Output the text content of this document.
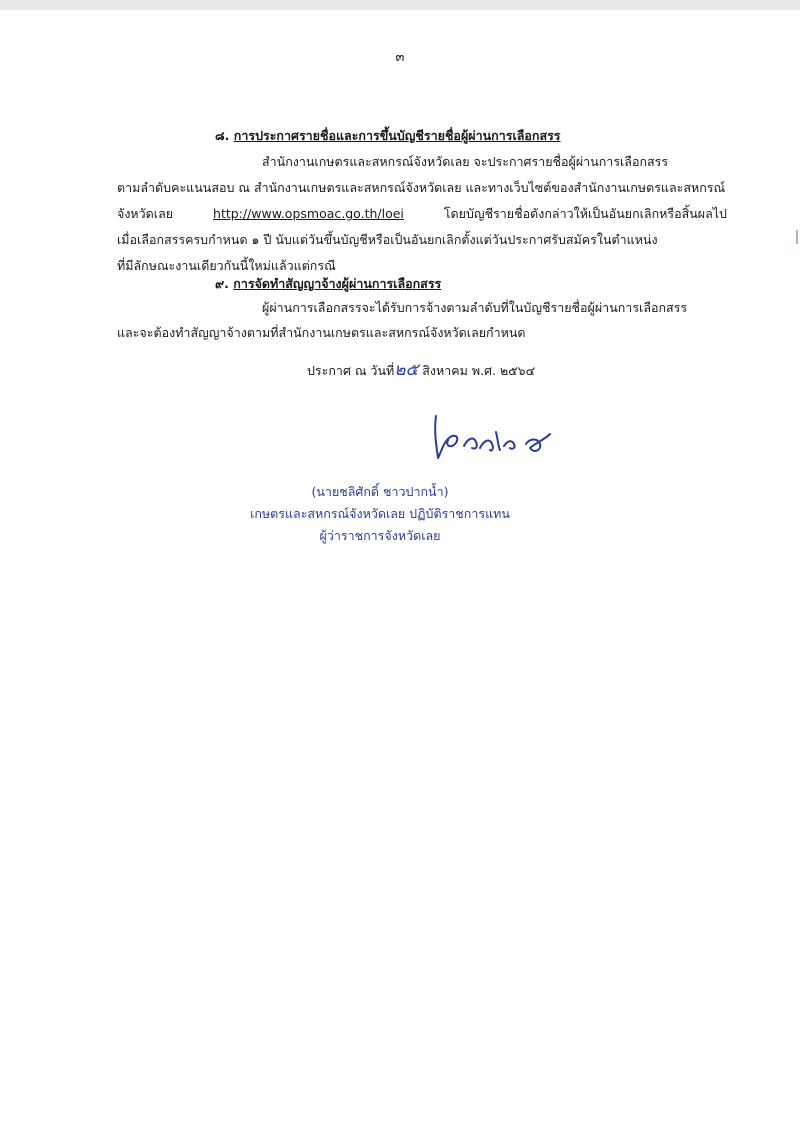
๓
๘. การประกาศรายชื่อและการขึ้นบัญชีรายชื่อผู้ผ่านการเลือกสรร
สำนักงานเกษตรและสหกรณ์จังหวัดเลย จะประกาศรายชื่อผู้ผ่านการเลือกสรร
ตามลำดับคะแนนสอบ ณ สำนักงานเกษตรและสหกรณ์จังหวัดเลย และทางเว็บไซต์ของสำนักงานเกษตรและสหกรณ์
จังหวัดเลย	http://www.opsmoac.go.th/loei	โดยบัญชีรายชื่อดังกล่าวให้เป็นอันยกเลิกหรือสิ้นผลไป
เมื่อเลือกสรรครบกำหนด ๑ ปี นับแต่วันขึ้นบัญชีหรือเป็นอันยกเลิกตั้งแต่วันประกาศรับสมัครในตำแหน่ง
ที่มีลักษณะงานเดียวกันนี้ใหม่แล้วแต่กรณี
๙. การจัดทำสัญญาจ้างผู้ผ่านการเลือกสรร
ผู้ผ่านการเลือกสรรจะได้รับการจ้างตามลำดับที่ในบัญชีรายชื่อผู้ผ่านการเลือกสรร
และจะต้องทำสัญญาจ้างตามที่สำนักงานเกษตรและสหกรณ์จังหวัดเลยกำหนด
ประกาศ ณ วันที่๒๕ สิงหาคม พ.ศ. ๒๕๖๔
(นายชลิศักดิ์ ชาวปากน้ำ)
เกษตรและสหกรณ์จังหวัดเลย ปฏิบัติราชการแทน
ผู้ว่าราชการจังหวัดเลย
